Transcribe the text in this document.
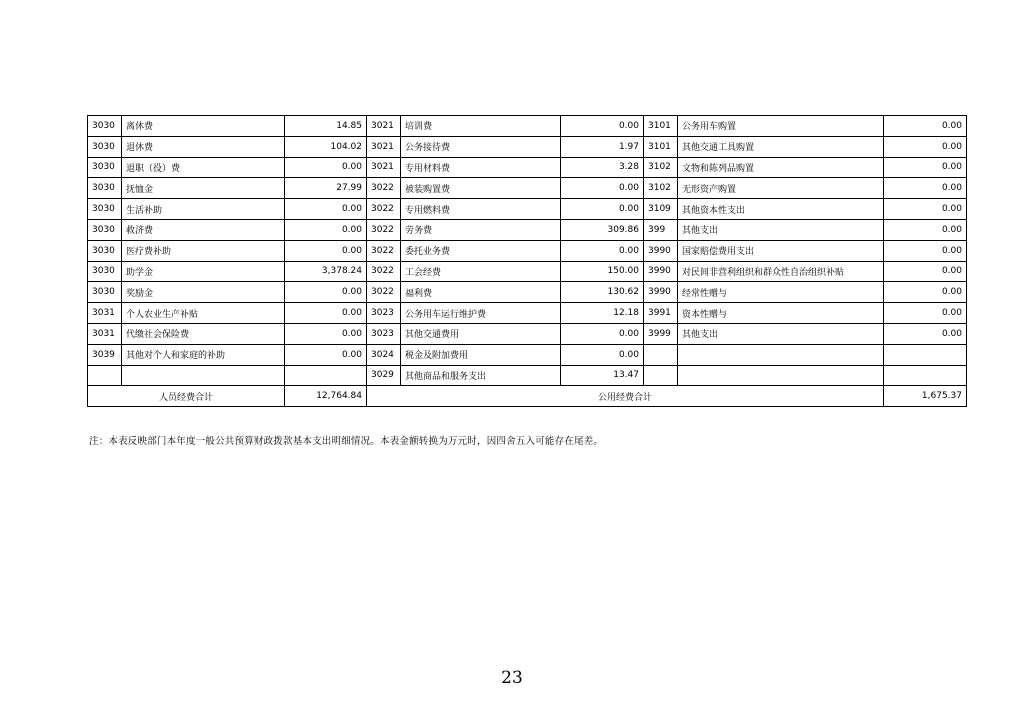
3030	离休费	14.85	3021	培训费	0.00	3101	公务用车购置	0.00
3030	退休费	104.02	3021	公务接待费	1.97	3101	其他交通工具购置	0.00
3030	退职（役）费	0.00	3021	专用材料费	3.28	3102	文物和陈列品购置	0.00
3030	抚恤金	27.99	3022	被装购置费	0.00	3102	无形资产购置	0.00
3030	生活补助	0.00	3022	专用燃料费	0.00	3109	其他资本性支出	0.00
3030	救济费	0.00	3022	劳务费	309.86	399	其他支出	0.00
3030	医疗费补助	0.00	3022	委托业务费	0.00	3990	国家赔偿费用支出	0.00
3030	助学金	3,378.24	3022	工会经费	150.00	3990	对民间非营利组织和群众性自治组织补贴	0.00
3030	奖励金	0.00	3022	福利费	130.62	3990	经常性赠与	0.00
3031	个人农业生产补贴	0.00	3023	公务用车运行维护费	12.18	3991	资本性赠与	0.00
3031	代缴社会保险费	0.00	3023	其他交通费用	0.00	3999	其他支出	0.00
3039	其他对个人和家庭的补助	0.00	3024	税金及附加费用	0.00			
			3029	其他商品和服务支出	13.47			
人员经费合计		12,764.84	公用经费合计					1,675.37
注：本表反映部门本年度一般公共预算财政拨款基本支出明细情况。本表金额转换为万元时，因四舍五入可能存在尾差。
23
